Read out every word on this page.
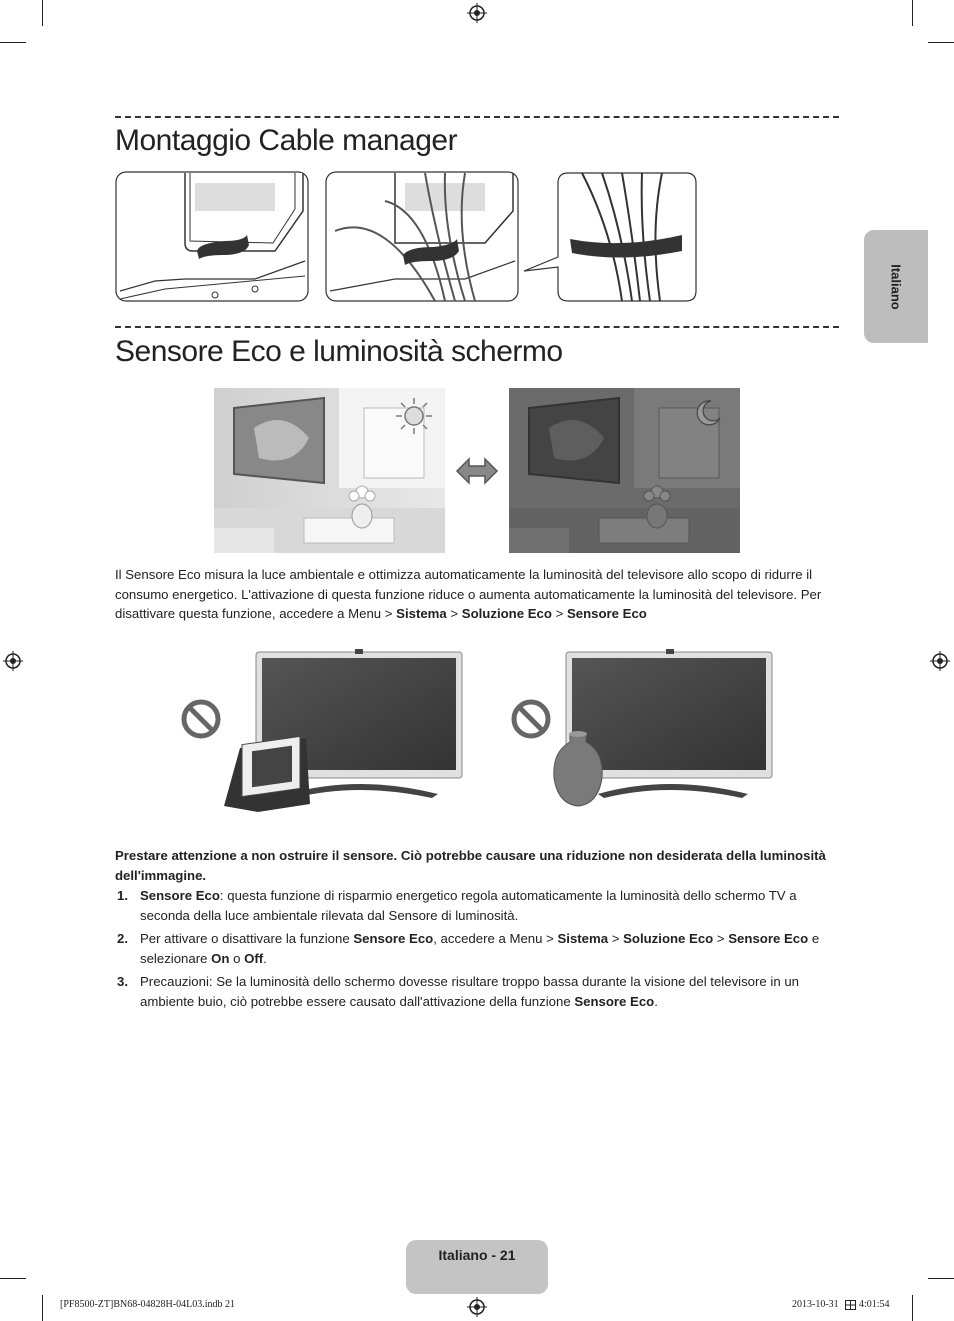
Italiano
Montaggio Cable manager
Sensore Eco e luminosità schermo
Il Sensore Eco misura la luce ambientale e ottimizza automaticamente la luminosità del televisore allo scopo di ridurre il consumo energetico. L'attivazione di questa funzione riduce o aumenta automaticamente la luminosità del televisore. Per disattivare questa funzione, accedere a Menu > Sistema > Soluzione Eco > Sensore Eco
Prestare attenzione a non ostruire il sensore. Ciò potrebbe causare una riduzione non desiderata della luminosità dell'immagine.
1. Sensore Eco: questa funzione di risparmio energetico regola automaticamente la luminosità dello schermo TV a seconda della luce ambientale rilevata dal Sensore di luminosità.
2. Per attivare o disattivare la funzione Sensore Eco, accedere a Menu > Sistema > Soluzione Eco > Sensore Eco e selezionare On o Off.
3. Precauzioni: Se la luminosità dello schermo dovesse risultare troppo bassa durante la visione del televisore in un ambiente buio, ciò potrebbe essere causato dall'attivazione della funzione Sensore Eco.
Italiano - 21
[PF8500-ZT]BN68-04828H-04L03.indb 21	2013-10-31 4:01:54
